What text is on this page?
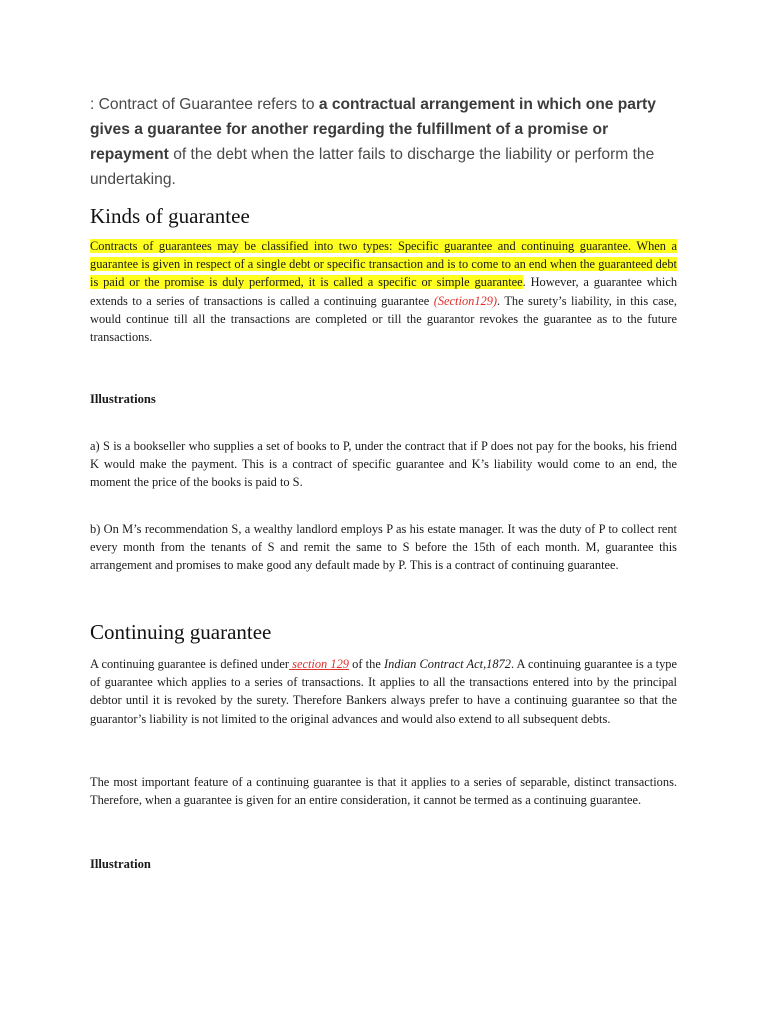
: Contract of Guarantee refers to a contractual arrangement in which one party gives a guarantee for another regarding the fulfillment of a promise or repayment of the debt when the latter fails to discharge the liability or perform the undertaking.

Kinds of guarantee

Contracts of guarantees may be classified into two types: Specific guarantee and continuing guarantee. When a guarantee is given in respect of a single debt or specific transaction and is to come to an end when the guaranteed debt is paid or the promise is duly performed, it is called a specific or simple guarantee. However, a guarantee which extends to a series of transactions is called a continuing guarantee (Section129). The surety’s liability, in this case, would continue till all the transactions are completed or till the guarantor revokes the guarantee as to the future transactions.

Illustrations

a) S is a bookseller who supplies a set of books to P, under the contract that if P does not pay for the books, his friend K would make the payment. This is a contract of specific guarantee and K’s liability would come to an end, the moment the price of the books is paid to S.

b) On M’s recommendation S, a wealthy landlord employs P as his estate manager. It was the duty of P to collect rent every month from the tenants of S and remit the same to S before the 15th of each month. M, guarantee this arrangement and promises to make good any default made by P. This is a contract of continuing guarantee.

Continuing guarantee

A continuing guarantee is defined under section 129 of the Indian Contract Act,1872. A continuing guarantee is a type of guarantee which applies to a series of transactions. It applies to all the transactions entered into by the principal debtor until it is revoked by the surety. Therefore Bankers always prefer to have a continuing guarantee so that the guarantor’s liability is not limited to the original advances and would also extend to all subsequent debts.

The most important feature of a continuing guarantee is that it applies to a series of separable, distinct transactions. Therefore, when a guarantee is given for an entire consideration, it cannot be termed as a continuing guarantee.

Illustration
